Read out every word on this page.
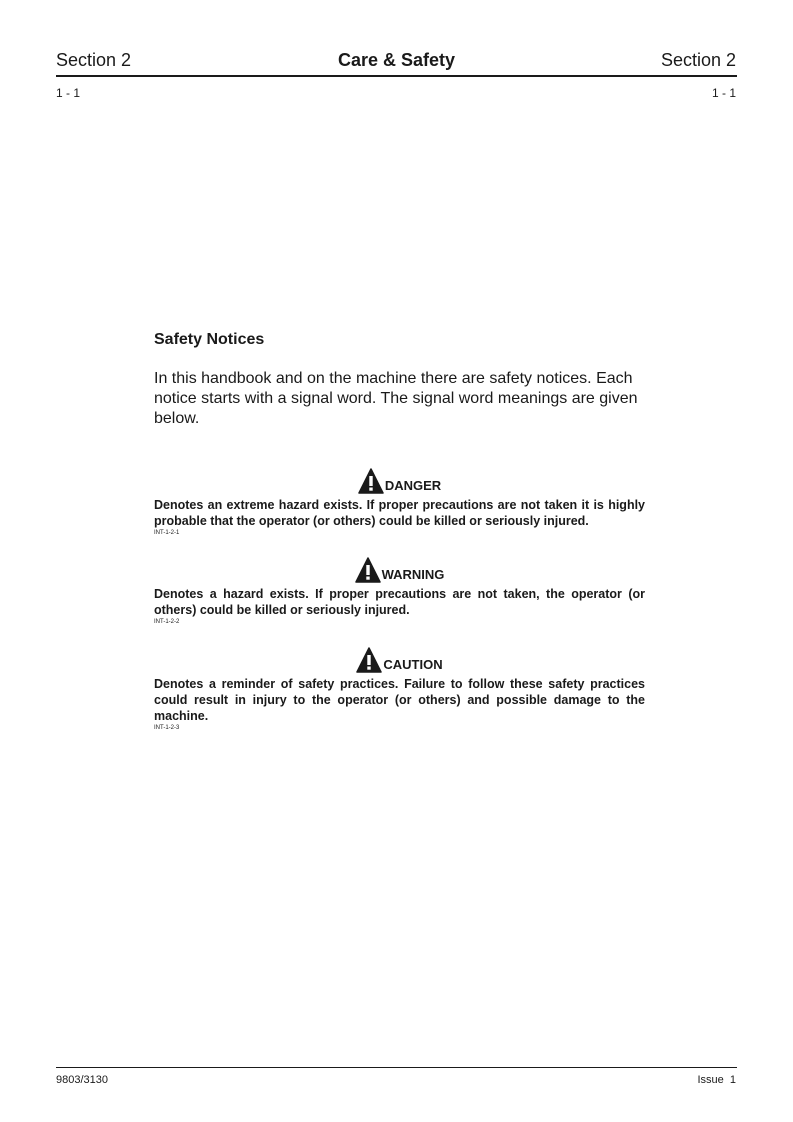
Section 2	Care & Safety	Section 2
1 - 1	1 - 1
Safety Notices
In this handbook and on the machine there are safety notices. Each notice starts with a signal word. The signal word meanings are given below.
DANGER
Denotes an extreme hazard exists. If proper precautions are not taken it is highly probable that the operator (or others) could be killed or seriously injured.
INT-1-2-1
WARNING
Denotes a hazard exists. If proper precautions are not taken, the operator (or others) could be killed or seriously injured.
INT-1-2-2
CAUTION
Denotes a reminder of safety practices. Failure to follow these safety practices could result in injury to the operator (or others) and possible damage to the machine.
INT-1-2-3
9803/3130	Issue  1
